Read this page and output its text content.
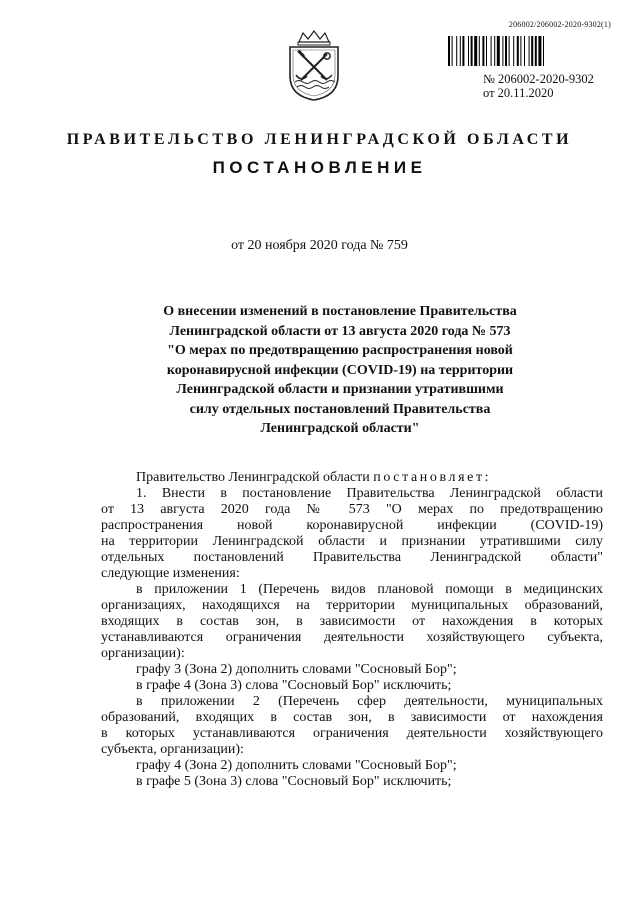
206002/206002-2020-9302(1)
№ 206002-2020-9302
от 20.11.2020
ПРАВИТЕЛЬСТВО ЛЕНИНГРАДСКОЙ ОБЛАСТИ
ПОСТАНОВЛЕНИЕ
от 20 ноября 2020 года № 759
О внесении изменений в постановление Правительства
Ленинградской области от 13 августа 2020 года № 573
"О мерах по предотвращению распространения новой
коронавирусной инфекции (COVID-19) на территории
Ленинградской области и признании утратившими
силу отдельных постановлений Правительства
Ленинградской области"
Правительство Ленинградской области постановляет:
1. Внести в постановление Правительства Ленинградской области
от 13 августа 2020 года № 573 "О мерах по предотвращению
распространения новой коронавирусной инфекции (COVID-19)
на территории Ленинградской области и признании утратившими силу
отдельных постановлений Правительства Ленинградской области"
следующие изменения:
в приложении 1 (Перечень видов плановой помощи в медицинских
организациях, находящихся на территории муниципальных образований,
входящих в состав зон, в зависимости от нахождения в которых
устанавливаются ограничения деятельности хозяйствующего субъекта,
организации):
графу 3 (Зона 2) дополнить словами "Сосновый Бор";
в графе 4 (Зона 3) слова "Сосновый Бор" исключить;
в приложении 2 (Перечень сфер деятельности, муниципальных
образований, входящих в состав зон, в зависимости от нахождения
в которых устанавливаются ограничения деятельности хозяйствующего
субъекта, организации):
графу 4 (Зона 2) дополнить словами "Сосновый Бор";
в графе 5 (Зона 3) слова "Сосновый Бор" исключить;
